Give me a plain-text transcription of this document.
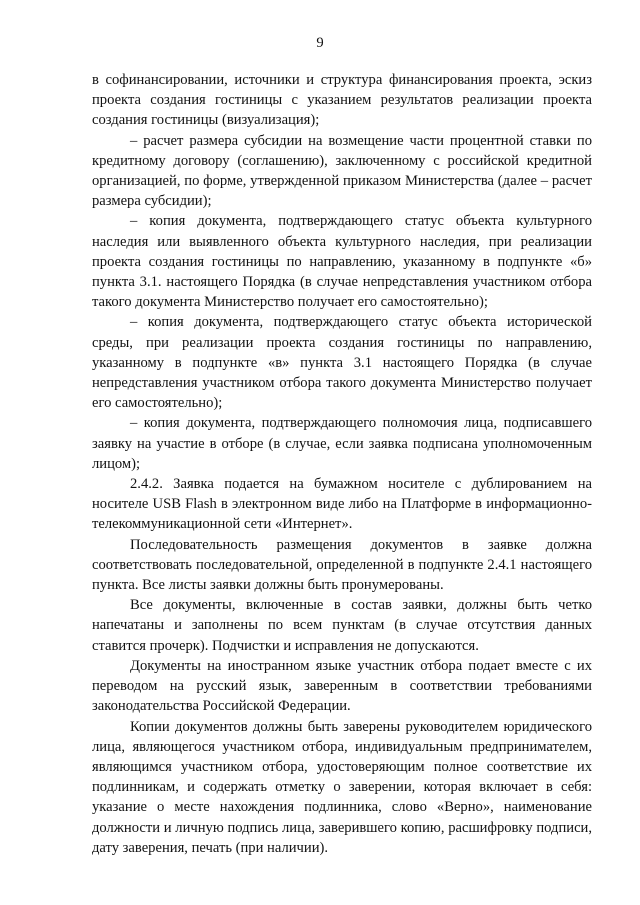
9

в софинансировании, источники и структура финансирования проекта, эскиз проекта создания гостиницы с указанием результатов реализации проекта создания гостиницы (визуализация);

– расчет размера субсидии на возмещение части процентной ставки по кредитному договору (соглашению), заключенному с российской кредитной организацией, по форме, утвержденной приказом Министерства (далее – расчет размера субсидии);

– копия документа, подтверждающего статус объекта культурного наследия или выявленного объекта культурного наследия, при реализации проекта создания гостиницы по направлению, указанному в подпункте «б» пункта 3.1. настоящего Порядка (в случае непредставления участником отбора такого документа Министерство получает его самостоятельно);

– копия документа, подтверждающего статус объекта исторической среды, при реализации проекта создания гостиницы по направлению, указанному в подпункте «в» пункта 3.1 настоящего Порядка (в случае непредставления участником отбора такого документа Министерство получает его самостоятельно);

– копия документа, подтверждающего полномочия лица, подписавшего заявку на участие в отборе (в случае, если заявка подписана уполномоченным лицом);

2.4.2. Заявка подается на бумажном носителе с дублированием на носителе USB Flash в электронном виде либо на Платформе в информационно-телекоммуникационной сети «Интернет».

Последовательность размещения документов в заявке должна соответствовать последовательной, определенной в подпункте 2.4.1 настоящего пункта. Все листы заявки должны быть пронумерованы.

Все документы, включенные в состав заявки, должны быть четко напечатаны и заполнены по всем пунктам (в случае отсутствия данных ставится прочерк). Подчистки и исправления не допускаются.

Документы на иностранном языке участник отбора подает вместе с их переводом на русский язык, заверенным в соответствии требованиями законодательства Российской Федерации.

Копии документов должны быть заверены руководителем юридического лица, являющегося участником отбора, индивидуальным предпринимателем, являющимся участником отбора, удостоверяющим полное соответствие их подлинникам, и содержать отметку о заверении, которая включает в себя: указание о месте нахождения подлинника, слово «Верно», наименование должности и личную подпись лица, заверившего копию, расшифровку подписи, дату заверения, печать (при наличии).
